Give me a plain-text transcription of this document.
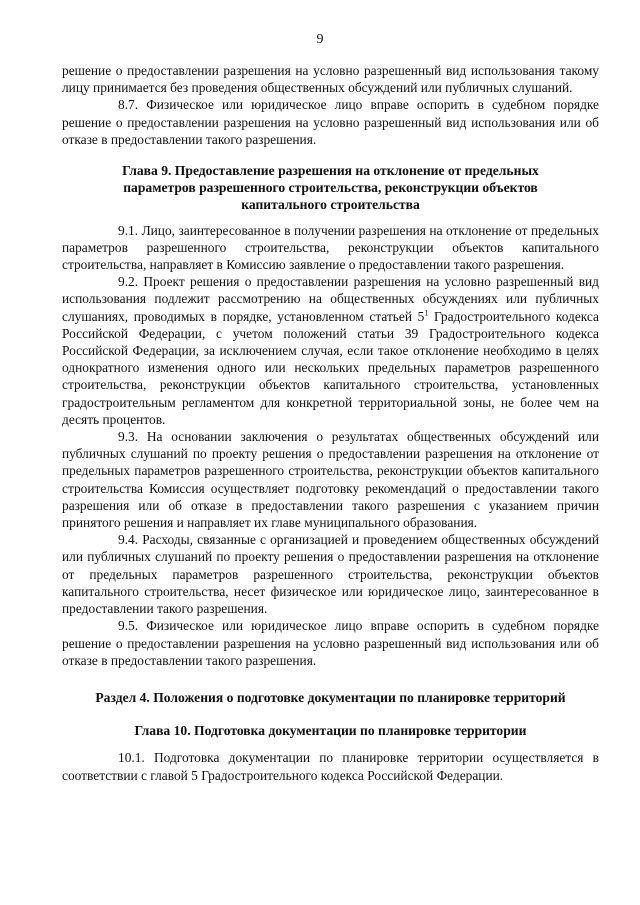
9

решение о предоставлении разрешения на условно разрешенный вид использования такому лицу принимается без проведения общественных обсуждений или публичных слушаний.

8.7. Физическое или юридическое лицо вправе оспорить в судебном порядке решение о предоставлении разрешения на условно разрешенный вид использования или об отказе в предоставлении такого разрешения.

Глава 9. Предоставление разрешения на отклонение от предельных параметров разрешенного строительства, реконструкции объектов капитального строительства

9.1. Лицо, заинтересованное в получении разрешения на отклонение от предельных параметров разрешенного строительства, реконструкции объектов капитального строительства, направляет в Комиссию заявление о предоставлении такого разрешения.

9.2. Проект решения о предоставлении разрешения на условно разрешенный вид использования подлежит рассмотрению на общественных обсуждениях или публичных слушаниях, проводимых в порядке, установленном статьей $5^1$ Градостроительного кодекса Российской Федерации, с учетом положений статьи 39 Градостроительного кодекса Российской Федерации, за исключением случая, если такое отклонение необходимо в целях однократного изменения одного или нескольких предельных параметров разрешенного строительства, реконструкции объектов капитального строительства, установленных градостроительным регламентом для конкретной территориальной зоны, не более чем на десять процентов.

9.3. На основании заключения о результатах общественных обсуждений или публичных слушаний по проекту решения о предоставлении разрешения на отклонение от предельных параметров разрешенного строительства, реконструкции объектов капитального строительства Комиссия осуществляет подготовку рекомендаций о предоставлении такого разрешения или об отказе в предоставлении такого разрешения с указанием причин принятого решения и направляет их главе муниципального образования.

9.4. Расходы, связанные с организацией и проведением общественных обсуждений или публичных слушаний по проекту решения о предоставлении разрешения на отклонение от предельных параметров разрешенного строительства, реконструкции объектов капитального строительства, несет физическое или юридическое лицо, заинтересованное в предоставлении такого разрешения.

9.5. Физическое или юридическое лицо вправе оспорить в судебном порядке решение о предоставлении разрешения на условно разрешенный вид использования или об отказе в предоставлении такого разрешения.

Раздел 4. Положения о подготовке документации по планировке территорий
Глава 10. Подготовка документации по планировке территории

10.1. Подготовка документации по планировке территории осуществляется в соответствии с главой 5 Градостроительного кодекса Российской Федерации.
